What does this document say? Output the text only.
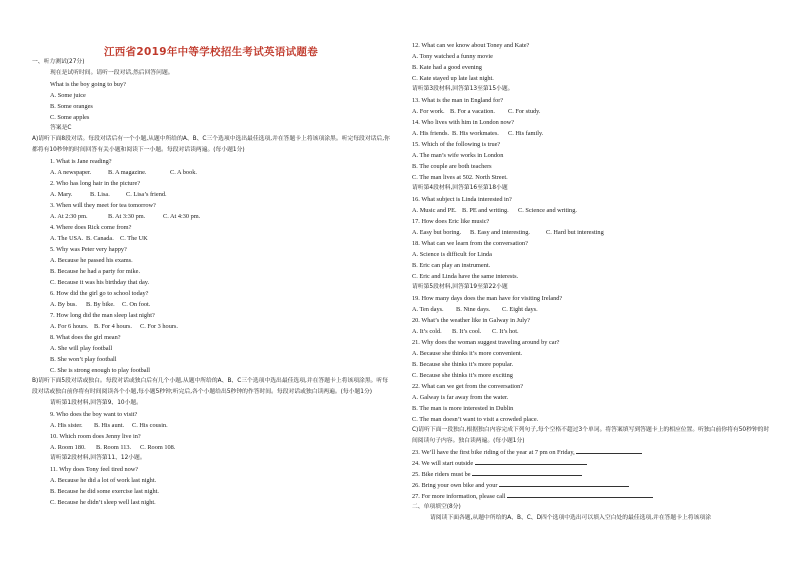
江西省2019年中等学校招生考试英语试题卷
一、听力测试(27分)
现在是试听时间。请听一段对话,然后回答问题。
What is the boy going to buy?
A. Some juice
B. Some oranges
C. Some apples
答案是C
A)请听下面8段对话。每段对话后有一个小题,从题中所给的A、B、C三个选项中选出最佳选项,并在答题卡上将该项涂黑。听完每段对话后,你都将有10秒钟的时间回答有关小题和阅读下一小题。每段对话读两遍。(每小题1分)
1. What is Jane reading?
A. A newspaper.	B. A magazine.	C. A book.
2. Who has long hair in the picture?
A. Mary.	B. Lisa.	C. Lisa’s friend.
3. When will they meet for tea tomorrow?
A. At 2:30 pm.	B. At 3:30 pm.	C. At 4:30 pm.
4. Where does Rick come from?
A. The USA. B. Canada. C. The UK
5. Why was Peter very happy?
A. Because he passed his exams.
B. Because he had a party for mike.
C. Because it was his birthday that day.
6. How did the girl go to school today?
A. By bus. B. By bike. C. On foot.
7. How long did the man sleep last night?
A. For 6 hours. B. For 4 hours. C. For 3 hours.
8. What does the girl mean?
A. She will play football
B. She won’t play football
C. She is strong enough to play football
B)请听下面5段对话或独白。每段对话或独白后有几个小题,从题中所给的A、B、C三个选项中选出最佳选项,并在答题卡上将该项涂黑。听每段对话或独白前你将有时间阅读各个小题,每小题5秒钟;听完后,各个小题给出5秒钟的作答时间。每段对话或独白读两遍。(每小题1分)
请听第1段材料,回答第9、10小题。
9. Who does the boy want to visit?
A. His sister. B. His aunt. C. His cousin.
10. Which room does Jenny live in?
A. Room 180. B. Room 113. C. Room 108.
请听第2段材料,回答第11、12小题。
11. Why does Tony feel tired now?
A. Because he did a lot of work last night.
B. Because he did some exercise last night.
C. Because he didn’t sleep well last night.
12. What can we know about Toney and Kate?
A. Tony watched a funny movie
B. Kate had a good evening
C. Kate stayed up late last night.
请听第3段材料,回答第13至第15小题。
13. What is the man in England for?
A. For work. B. For a vacation. C. For study.
14. Who lives with him in London now?
A. His friends. B. His workmates. C. His family.
15. Which of the following is true?
A. The man’s wife works in London
B. The couple are both teachers
C. The man lives at 502. North Street.
请听第4段材料,回答第16至第18小题
16. What subject is Linda interested in?
A. Music and PE. B. PE and writing. C. Science and writing.
17. How does Eric like music?
A. Easy but boring. B. Easy and interesting.	C. Hard but interesting
18. What can we learn from the conversation?
A. Science is difficult for Linda
B. Eric can play an instrument.
C. Eric and Linda have the same interests.
请听第5段材料,回答第19至第22小题
19. How many days does the man have for visiting Ireland?
A. Ten days. B. Nine days. C. Eight days.
20. What’s the weather like in Galway in July?
A. It’s cold. B. It’s cool. C. It’s hot.
21. Why does the woman suggest traveling around by car?
A. Because she thinks it’s more convenient.
B. Because she thinks it’s more popular.
C. Because she thinks it’s more exciting
22. What can we get from the conversation?
A. Galway is far away from the water.
B. The man is more interested in Dublin
C. The man doesn’t want to visit a crowded place.
C)请听下面一段独白,根据独白内容完成下列句子,每个空格不超过3个单词。将答案填写到答题卡上的相应位置。听独白前你将有50秒钟的时间阅读句子内容。独白读两遍。(每小题1分)
23. We’ll have the first bike riding of the year at 7 pm on Friday,
24. We will start outside
25. Bike riders must be
26. Bring your own bike and your
27. For more information, please call
二、单项填空(8分)
请阅读下面各题,从题中所给的A、B、C、D四个选项中选出可以填入空白处的最佳选项,并在答题卡上将该项涂
